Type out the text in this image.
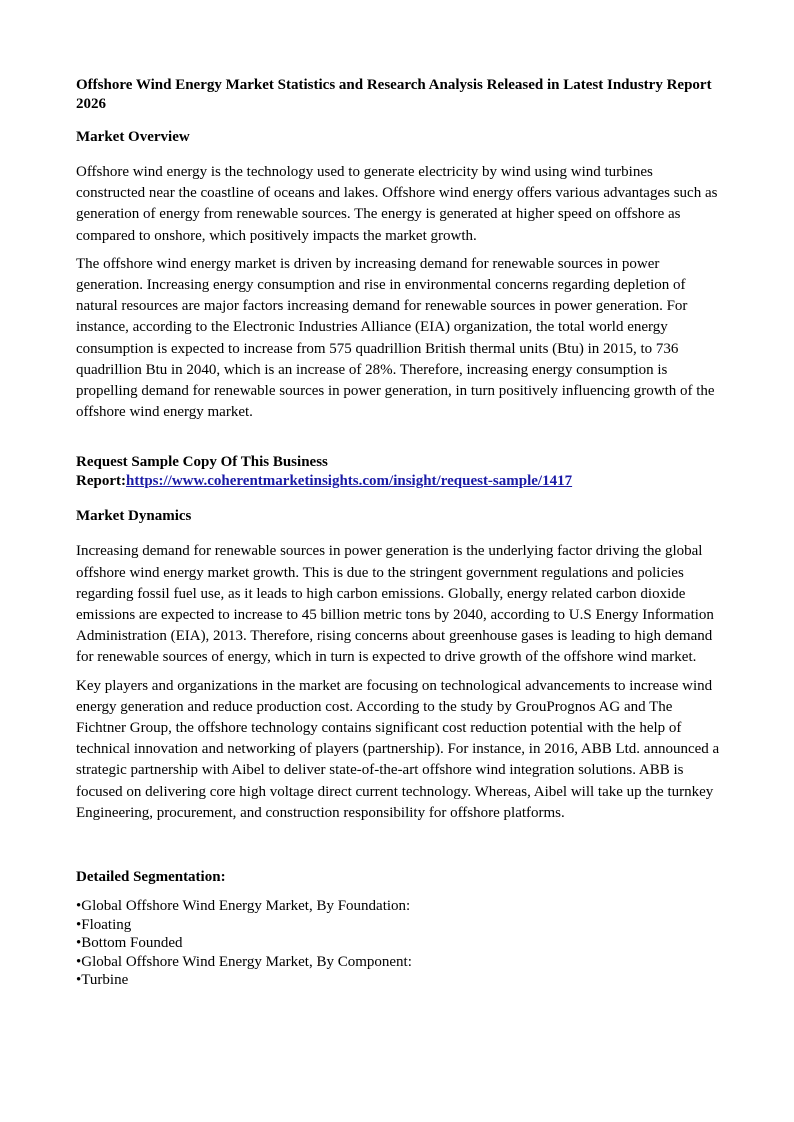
Offshore Wind Energy Market Statistics and Research Analysis Released in Latest Industry Report 2026
Market Overview

Offshore wind energy is the technology used to generate electricity by wind using wind turbines constructed near the coastline of oceans and lakes. Offshore wind energy offers various advantages such as generation of energy from renewable sources. The energy is generated at higher speed on offshore as compared to onshore, which positively impacts the market growth.

The offshore wind energy market is driven by increasing demand for renewable sources in power generation. Increasing energy consumption and rise in environmental concerns regarding depletion of natural resources are major factors increasing demand for renewable sources in power generation. For instance, according to the Electronic Industries Alliance (EIA) organization, the total world energy consumption is expected to increase from 575 quadrillion British thermal units (Btu) in 2015, to 736 quadrillion Btu in 2040, which is an increase of 28%. Therefore, increasing energy consumption is propelling demand for renewable sources in power generation, in turn positively influencing growth of the offshore wind energy market.

Request Sample Copy Of This Business
Report:https://www.coherentmarketinsights.com/insight/request-sample/1417
Market Dynamics

Increasing demand for renewable sources in power generation is the underlying factor driving the global offshore wind energy market growth. This is due to the stringent government regulations and policies regarding fossil fuel use, as it leads to high carbon emissions. Globally, energy related carbon dioxide emissions are expected to increase to 45 billion metric tons by 2040, according to U.S Energy Information Administration (EIA), 2013. Therefore, rising concerns about greenhouse gases is leading to high demand for renewable sources of energy, which in turn is expected to drive growth of the offshore wind market.

Key players and organizations in the market are focusing on technological advancements to increase wind energy generation and reduce production cost. According to the study by GrouPrognos AG and The Fichtner Group, the offshore technology contains significant cost reduction potential with the help of technical innovation and networking of players (partnership). For instance, in 2016, ABB Ltd. announced a strategic partnership with Aibel to deliver state-of-the-art offshore wind integration solutions. ABB is focused on delivering core high voltage direct current technology. Whereas, Aibel will take up the turnkey Engineering, procurement, and construction responsibility for offshore platforms.

Detailed Segmentation:
• Global Offshore Wind Energy Market, By Foundation:
• Floating
• Bottom Founded
• Global Offshore Wind Energy Market, By Component:
• Turbine
